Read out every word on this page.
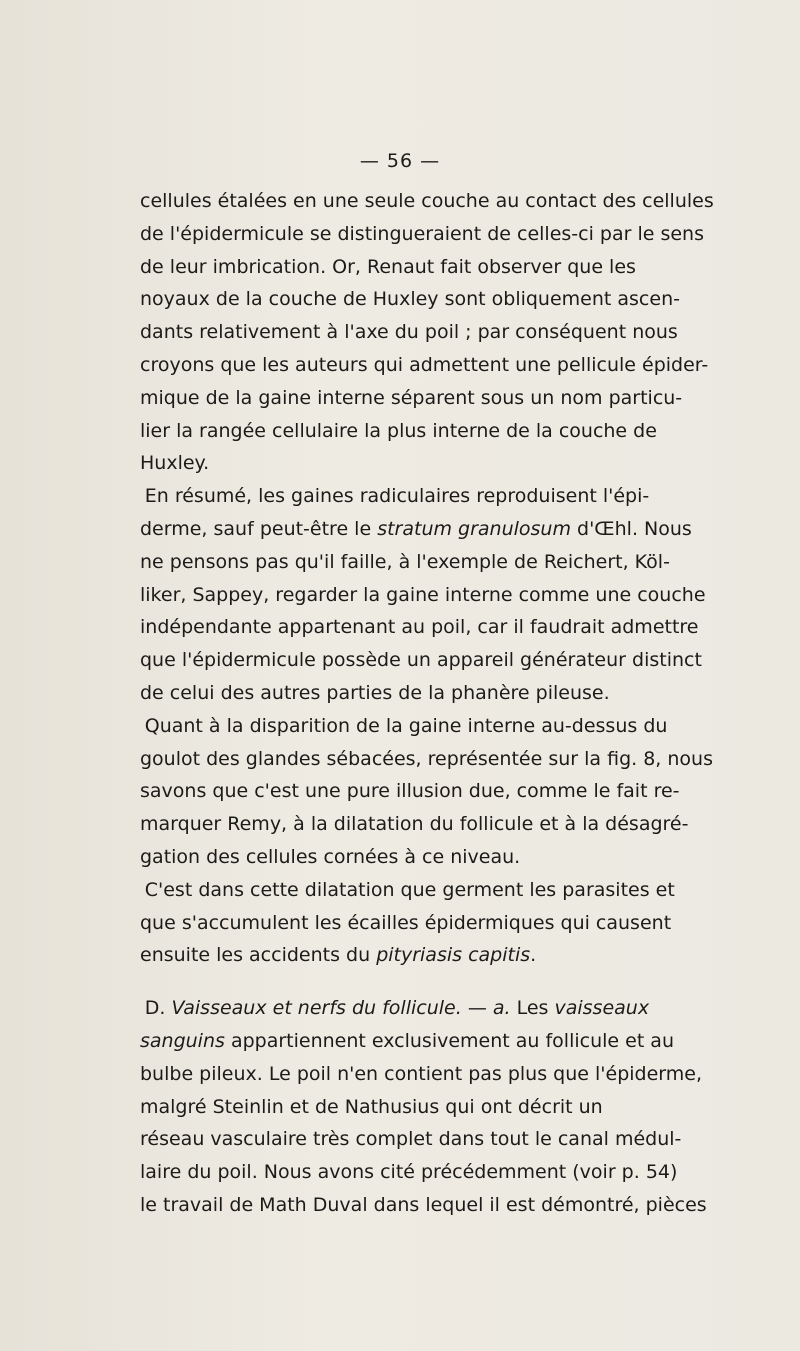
— 56 —
cellules étalées en une seule couche au contact des cellules
de l'épidermicule se distingueraient de celles-ci par le sens
de leur imbrication. Or, Renaut fait observer que les
noyaux de la couche de Huxley sont obliquement ascen-
dants relativement à l'axe du poil ; par conséquent nous
croyons que les auteurs qui admettent une pellicule épider-
mique de la gaine interne séparent sous un nom particu-
lier la rangée cellulaire la plus interne de la couche de
Huxley.
En résumé, les gaines radiculaires reproduisent l'épi-
derme, sauf peut-être le stratum granulosum d'Œhl. Nous
ne pensons pas qu'il faille, à l'exemple de Reichert, Köl-
liker, Sappey, regarder la gaine interne comme une couche
indépendante appartenant au poil, car il faudrait admettre
que l'épidermicule possède un appareil générateur distinct
de celui des autres parties de la phanère pileuse.
Quant à la disparition de la gaine interne au-dessus du
goulot des glandes sébacées, représentée sur la fig. 8, nous
savons que c'est une pure illusion due, comme le fait re-
marquer Remy, à la dilatation du follicule et à la désagré-
gation des cellules cornées à ce niveau.
C'est dans cette dilatation que germent les parasites et
que s'accumulent les écailles épidermiques qui causent
ensuite les accidents du pityriasis capitis.
D. Vaisseaux et nerfs du follicule. — a. Les vaisseaux
sanguins appartiennent exclusivement au follicule et au
bulbe pileux. Le poil n'en contient pas plus que l'épiderme,
malgré Steinlin et de Nathusius qui ont décrit un
réseau vasculaire très complet dans tout le canal médul-
laire du poil. Nous avons cité précédemment (voir p. 54)
le travail de Math Duval dans lequel il est démontré, pièces
